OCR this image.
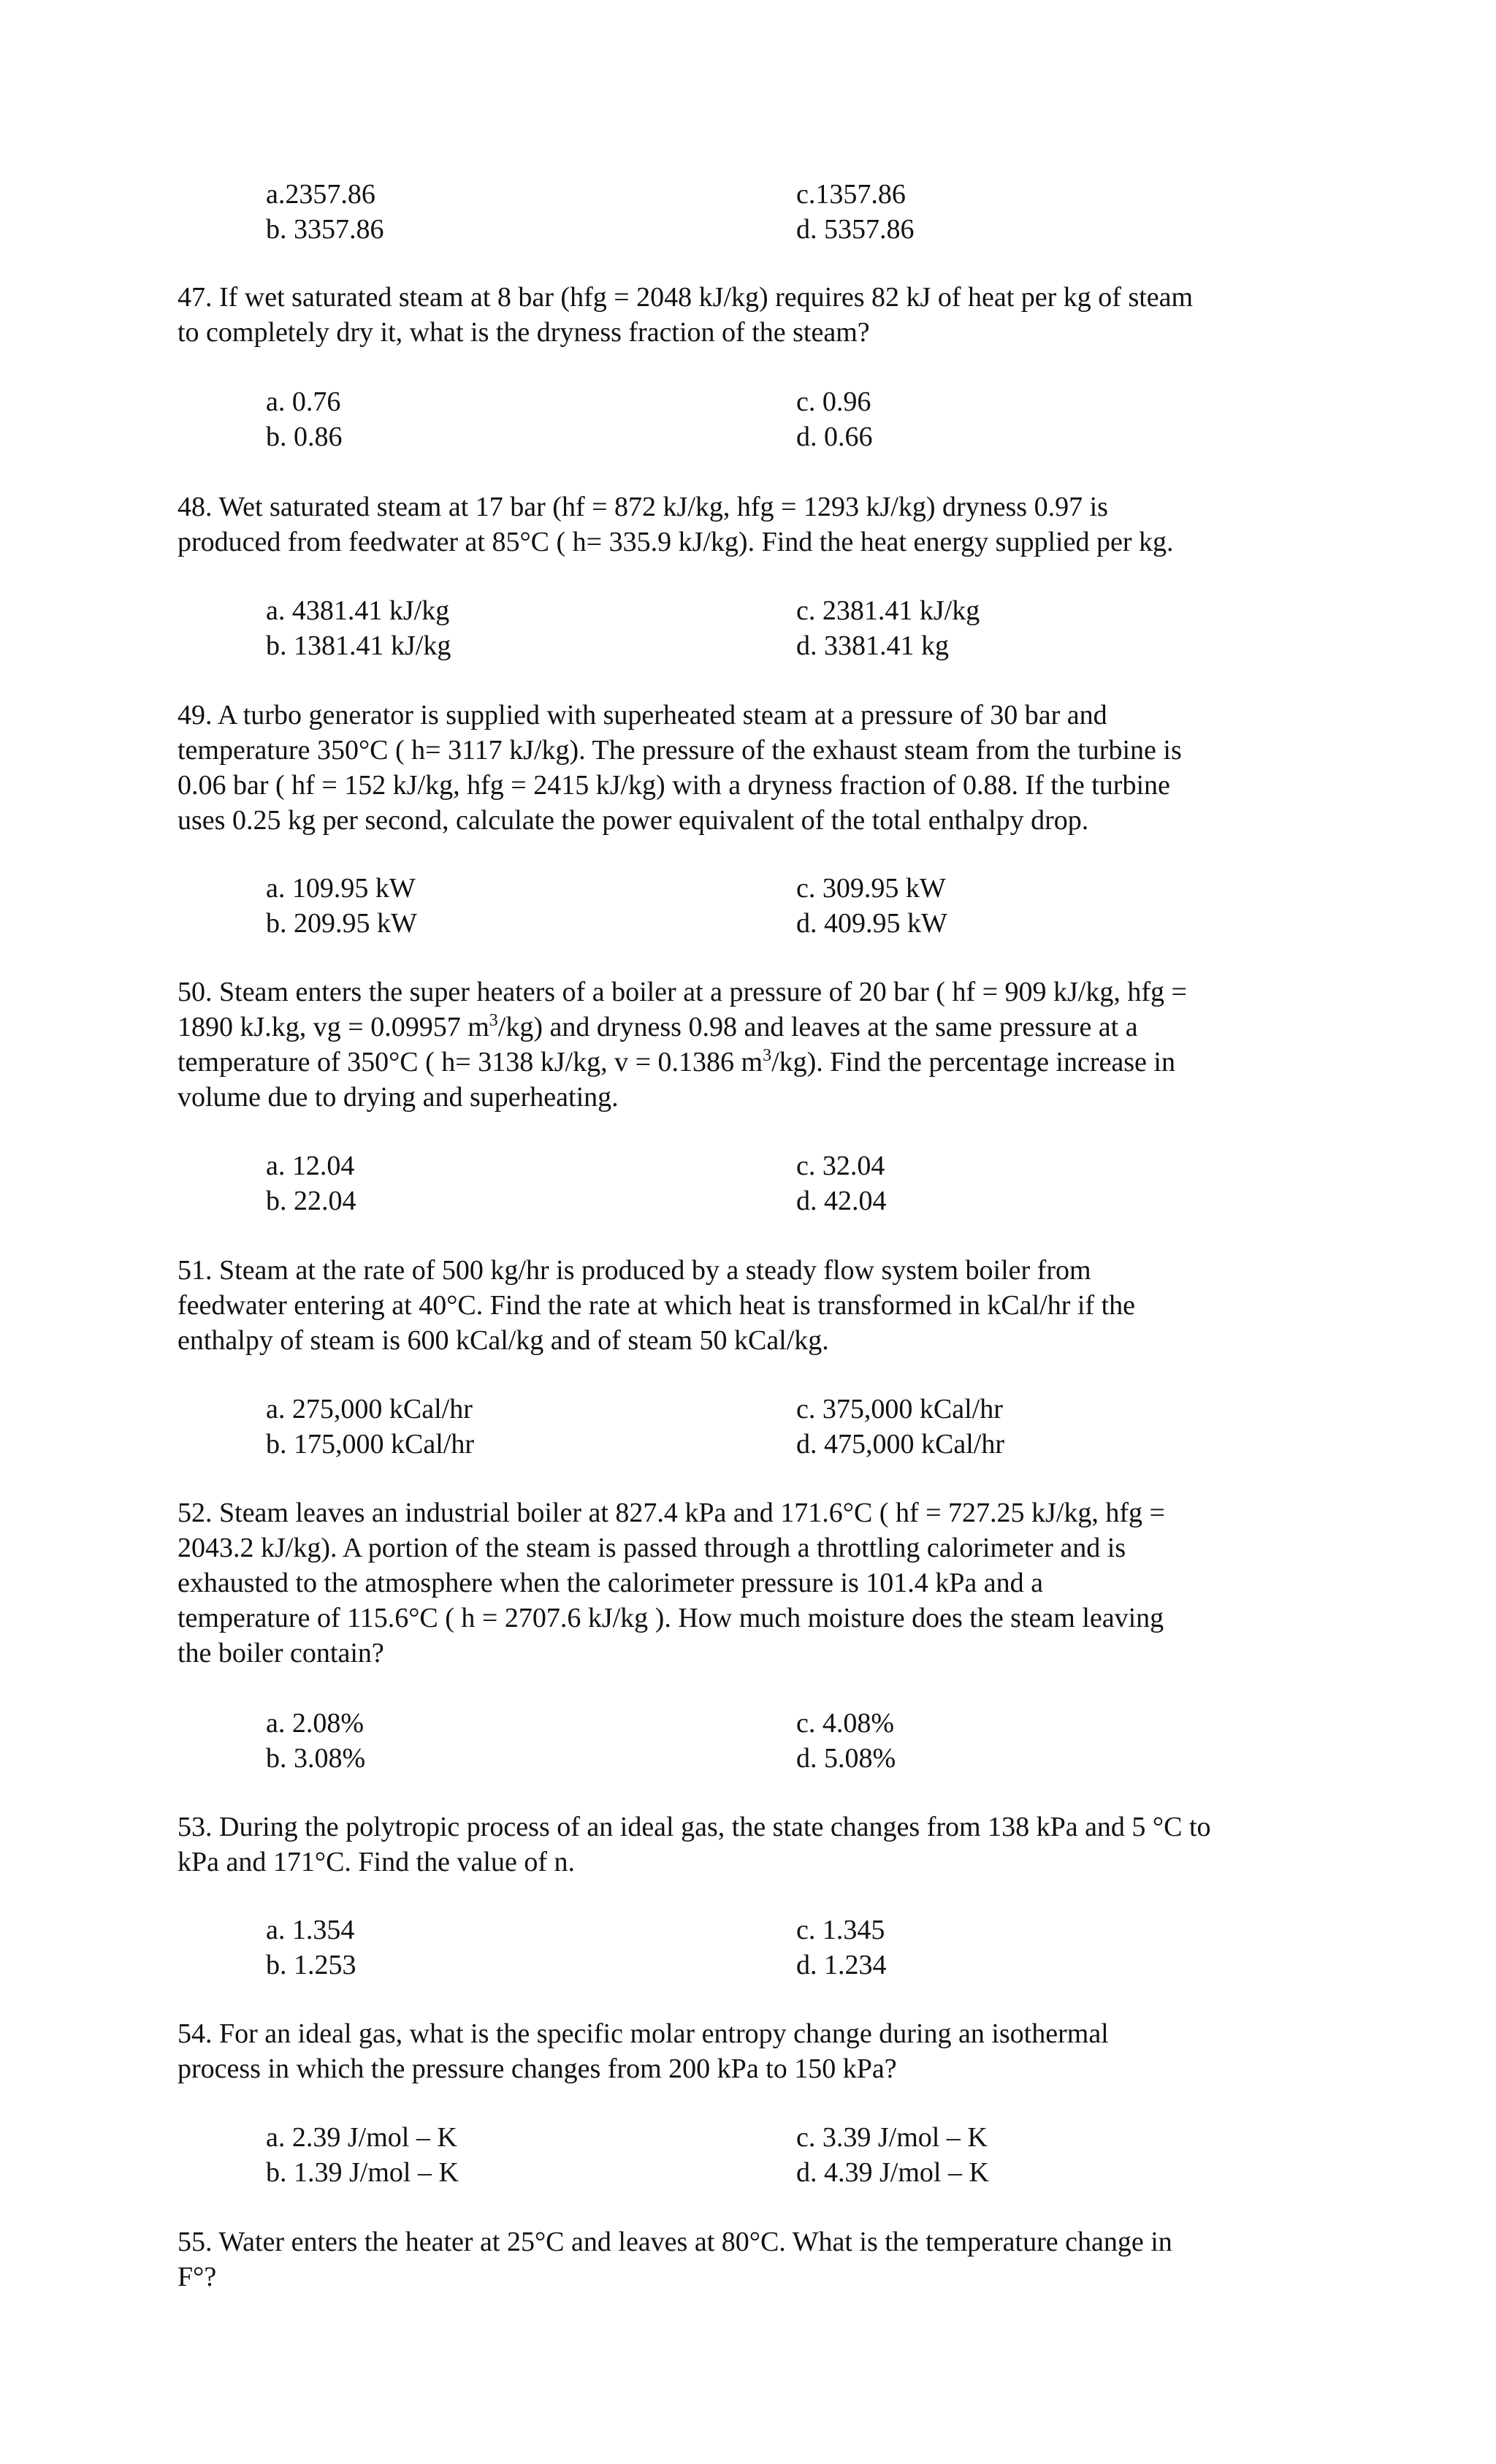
a.2357.86	c.1357.86
b. 3357.86	d. 5357.86
47. If wet saturated steam at 8 bar (hfg = 2048 kJ/kg) requires 82 kJ of heat per kg of steam
to completely dry it, what is the dryness fraction of the steam?
a. 0.76	c. 0.96
b. 0.86	d. 0.66
48. Wet saturated steam at 17 bar (hf = 872 kJ/kg, hfg = 1293 kJ/kg) dryness 0.97 is
produced from feedwater at 85°C ( h= 335.9 kJ/kg). Find the heat energy supplied per kg.
a. 4381.41 kJ/kg	c. 2381.41 kJ/kg
b. 1381.41 kJ/kg	d. 3381.41 kg
49. A turbo generator is supplied with superheated steam at a pressure of 30 bar and
temperature 350°C ( h= 3117 kJ/kg). The pressure of the exhaust steam from the turbine is
0.06 bar ( hf = 152 kJ/kg, hfg = 2415 kJ/kg) with a dryness fraction of 0.88. If the turbine
uses 0.25 kg per second, calculate the power equivalent of the total enthalpy drop.
a. 109.95 kW	c. 309.95 kW
b. 209.95 kW	d. 409.95 kW
50. Steam enters the super heaters of a boiler at a pressure of 20 bar ( hf = 909 kJ/kg, hfg =
1890 kJ.kg, vg = 0.09957 $m^3/kg$) and dryness 0.98 and leaves at the same pressure at a
temperature of 350°C ( h= 3138 kJ/kg, v = 0.1386 $m^3/kg$). Find the percentage increase in
volume due to drying and superheating.
a. 12.04	c. 32.04
b. 22.04	d. 42.04
51. Steam at the rate of 500 kg/hr is produced by a steady flow system boiler from
feedwater entering at 40°C. Find the rate at which heat is transformed in kCal/hr if the
enthalpy of steam is 600 kCal/kg and of steam 50 kCal/kg.
a. 275,000 kCal/hr	c. 375,000 kCal/hr
b. 175,000 kCal/hr	d. 475,000 kCal/hr
52. Steam leaves an industrial boiler at 827.4 kPa and 171.6°C ( hf = 727.25 kJ/kg, hfg =
2043.2 kJ/kg). A portion of the steam is passed through a throttling calorimeter and is
exhausted to the atmosphere when the calorimeter pressure is 101.4 kPa and a
temperature of 115.6°C ( h = 2707.6 kJ/kg ). How much moisture does the steam leaving
the boiler contain?
a. 2.08%	c. 4.08%
b. 3.08%	d. 5.08%
53. During the polytropic process of an ideal gas, the state changes from 138 kPa and 5 °C to
kPa and 171°C. Find the value of n.
a. 1.354	c. 1.345
b. 1.253	d. 1.234
54. For an ideal gas, what is the specific molar entropy change during an isothermal
process in which the pressure changes from 200 kPa to 150 kPa?
a. 2.39 J/mol – K	c. 3.39 J/mol – K
b. 1.39 J/mol – K	d. 4.39 J/mol – K
55. Water enters the heater at 25°C and leaves at 80°C. What is the temperature change in
F°?
